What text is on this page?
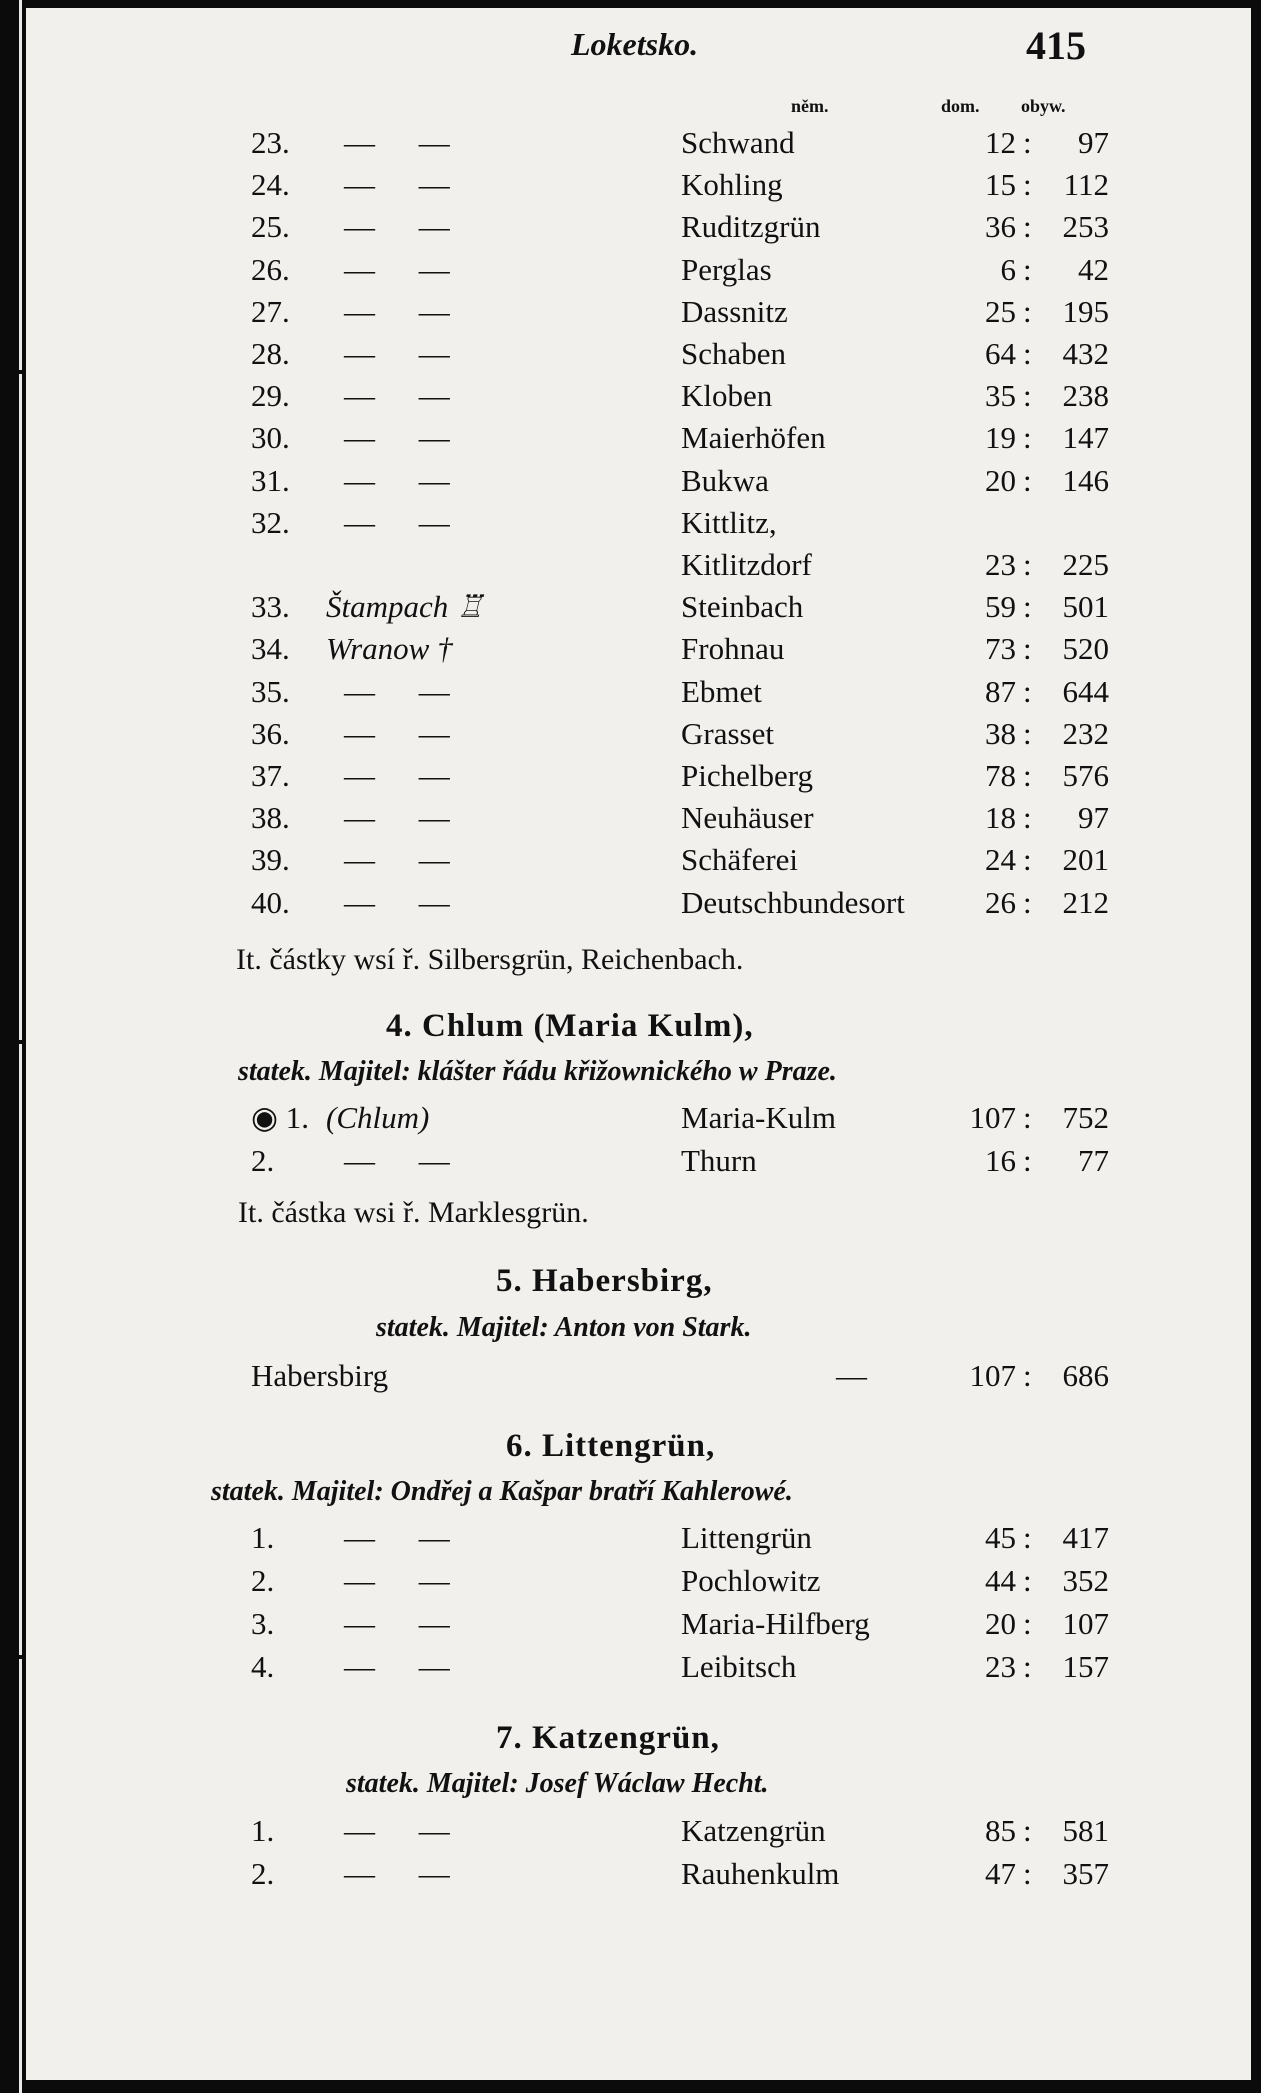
Loketsko.	415
něm.	dom. obyw.
23. — —	Schwand	12 :	97
24. — —	Kohling	15 :	112
25. — —	Ruditzgrün	36 : 253
26. — —	Perglas	6 :	42
27. — —	Dassnitz	25 : 195
28. — —	Schaben	64 : 432
29. — —	Kloben	35 : 238
30. — —	Maierhöfen	19 : 147
31. — —	Bukwa	20 : 146
32. — —	Kittlitz,
Kitlitzdorf	23 : 225
33. Štampach ♖	Steinbach	59 : 501
34. Wranow †	Frohnau	73 : 520
35. — —	Ebmet	87 : 644
36. — —	Grasset	38 : 232
37. — —	Pichelberg	78 : 576
38. — —	Neuhäuser	18 :	97
39. — —	Schäferei	24 : 201
40. — —	Deutschbundesort	26 : 212
It. částky wsí ř. Silbersgrün, Reichenbach.
4. Chlum (Maria Kulm),
statek. Majitel: klášter řádu křižownického w Praze.
◉ 1. (Chlum)	Maria-Kulm	107 : 752
2. — —	Thurn	16 :	77
It. částka wsi ř. Marklesgrün.
5. Habersbirg,
statek. Majitel: Anton von Stark.
Habersbirg	—	107 : 686
6. Littengrün,
statek. Majitel: Ondřej a Kašpar bratří Kahlerowé.
1. — —	Littengrün	45 : 417
2. — —	Pochlowitz	44 : 352
3. — —	Maria-Hilfberg	20 : 107
4. — —	Leibitsch	23 : 157
7. Katzengrün,
statek. Majitel: Josef Wáclaw Hecht.
1. — —	Katzengrün	85 : 581
2. — —	Rauhenkulm	47 : 357
